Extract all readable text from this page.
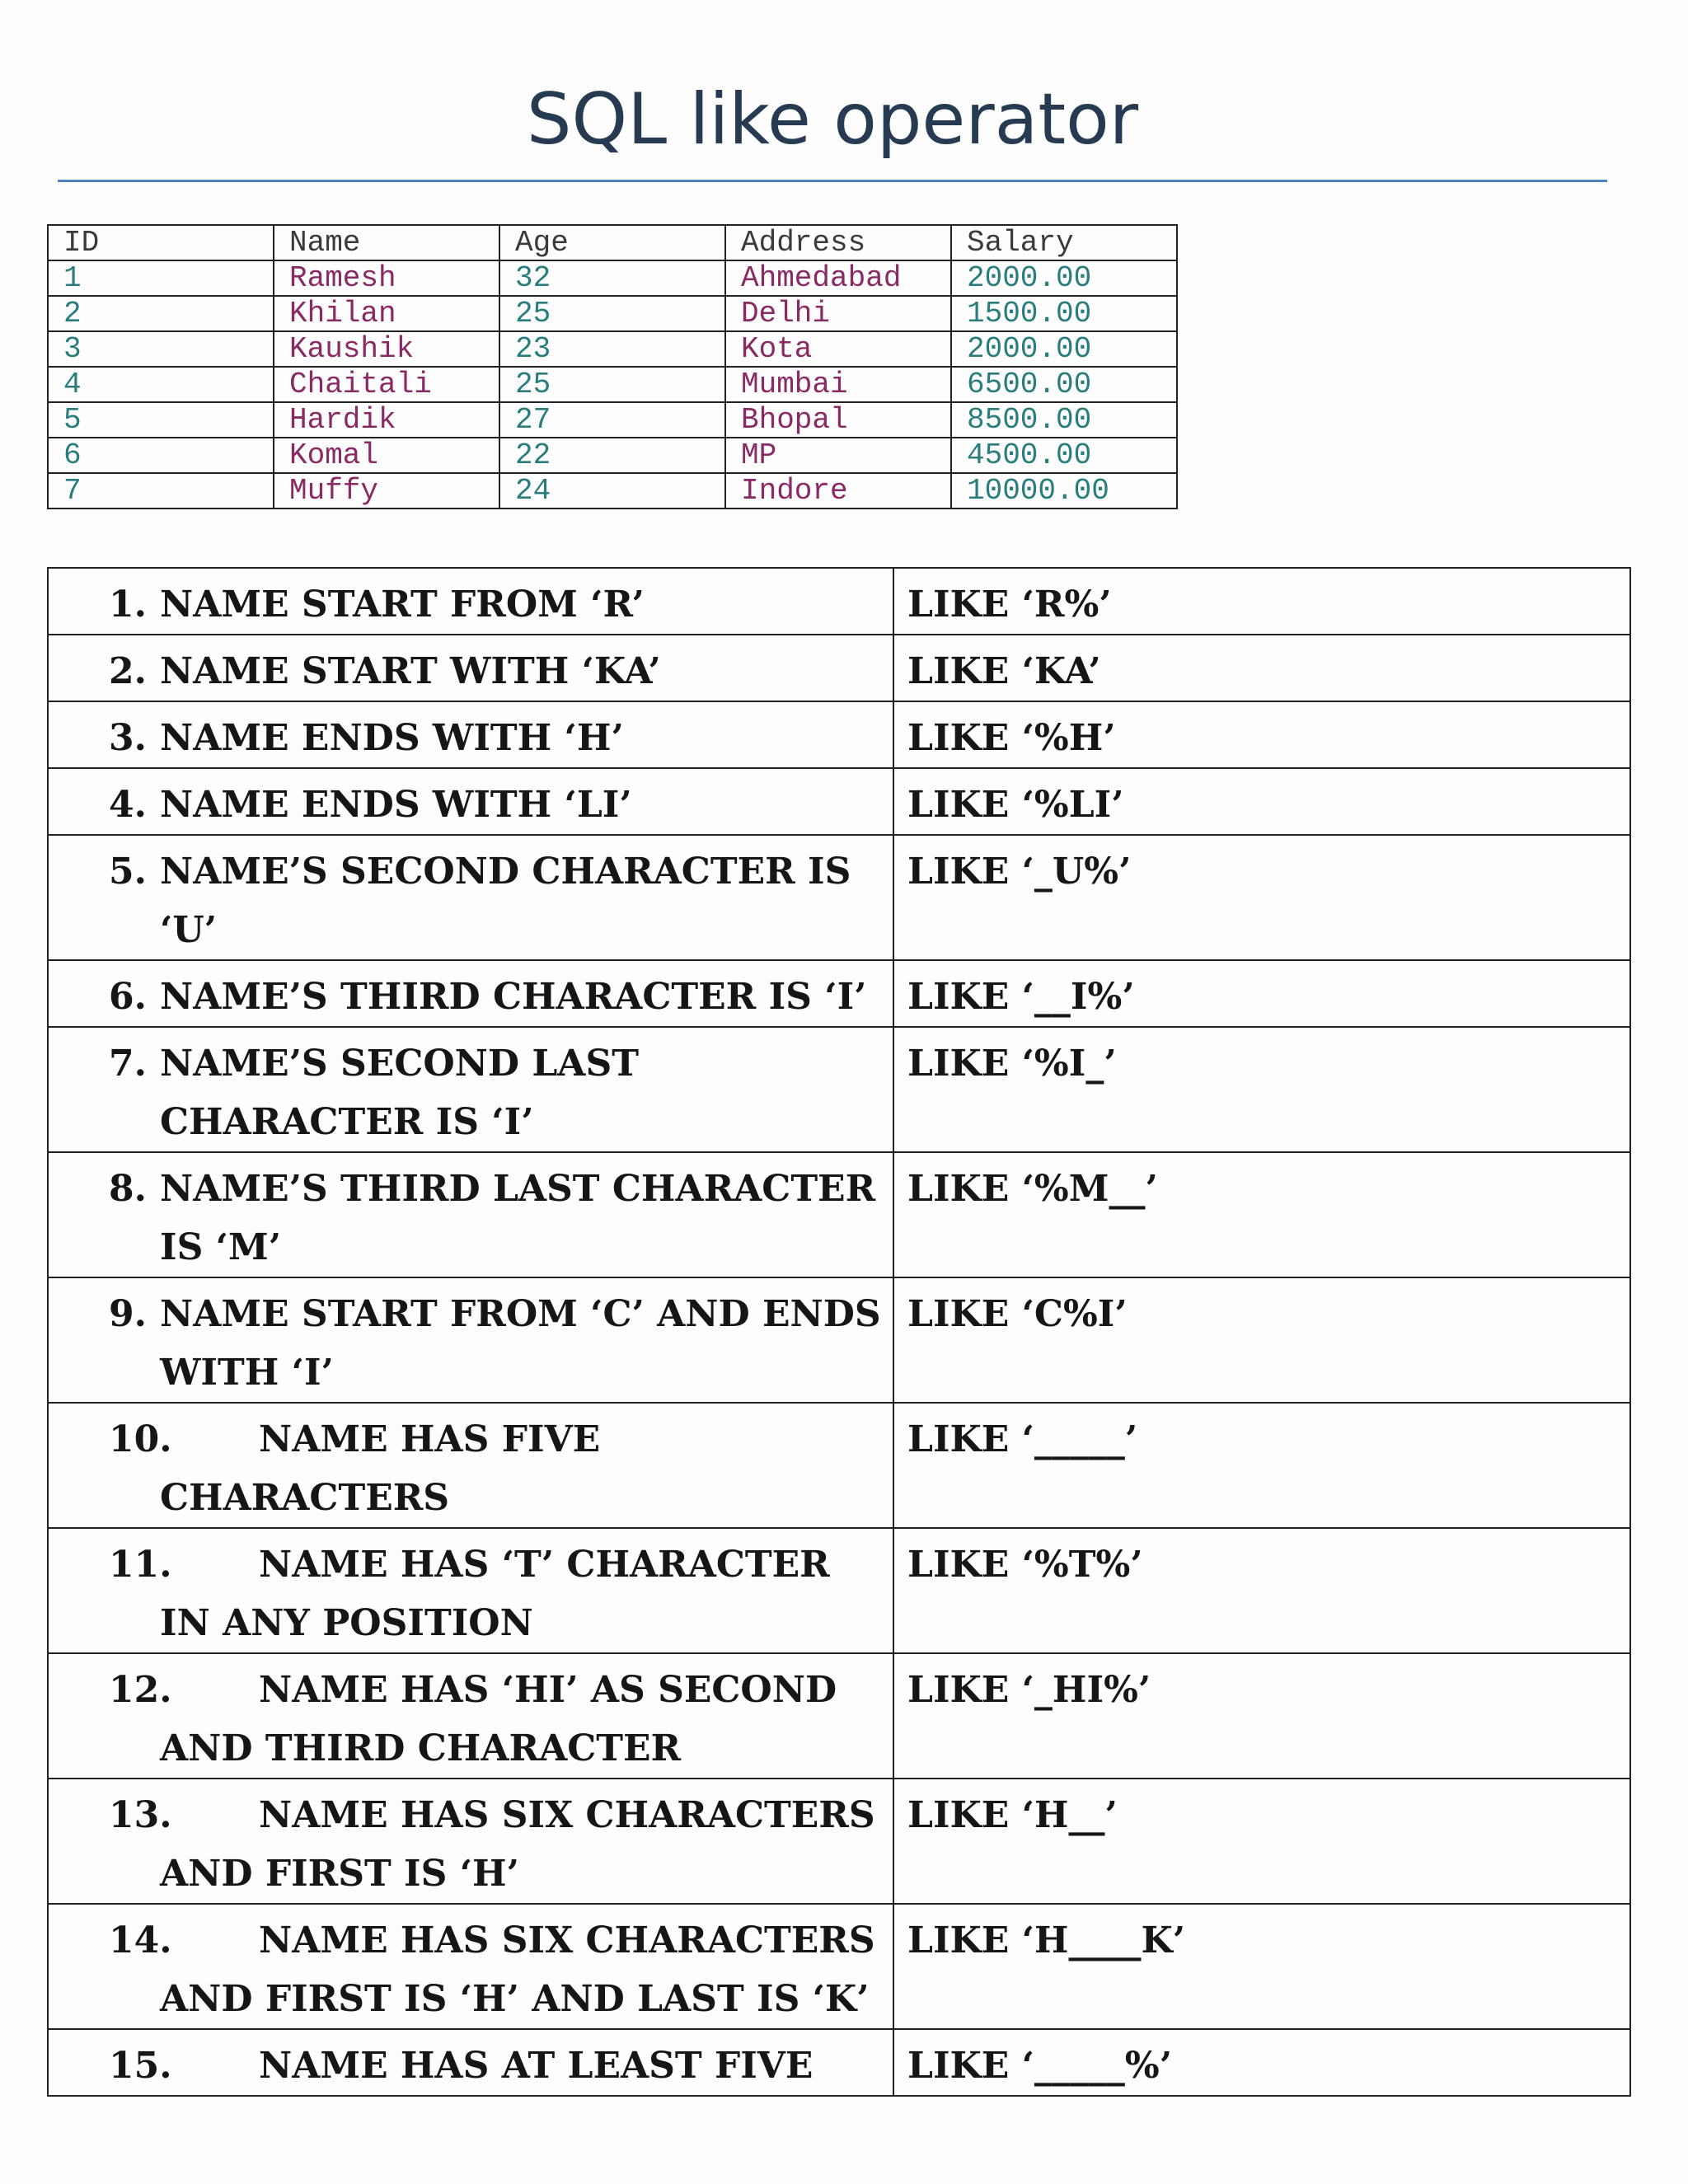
SQL like operator
ID	Name	Age	Address	Salary
1	Ramesh	32	Ahmedabad	2000.00
2	Khilan	25	Delhi	1500.00
3	Kaushik	23	Kota	2000.00
4	Chaitali	25	Mumbai	6500.00
5	Hardik	27	Bhopal	8500.00
6	Komal	22	MP	4500.00
7	Muffy	24	Indore	10000.00
1. NAME START FROM ‘R’	LIKE ‘R%’

2. NAME START WITH ‘KA’	LIKE ‘KA’

3. NAME ENDS WITH ‘H’	LIKE ‘%H’

4. NAME ENDS WITH ‘LI’	LIKE ‘%LI’

5. NAME’S SECOND CHARACTER IS ‘U’	LIKE ‘_U%’

6. NAME’S THIRD CHARACTER IS ‘I’	LIKE ‘__I%’

7. NAME’S SECOND LAST CHARACTER IS ‘I’	LIKE ‘%I_’

8. NAME’S THIRD LAST CHARACTER IS ‘M’	LIKE ‘%M__’

9. NAME START FROM ‘C’ AND ENDS WITH ‘I’	LIKE ‘C%I’

10. NAME HAS FIVE CHARACTERS	LIKE ‘_____’

11. NAME HAS ‘T’ CHARACTER IN ANY POSITION	LIKE ‘%T%’

12. NAME HAS ‘HI’ AS SECOND AND THIRD CHARACTER	LIKE ‘_HI%’

13. NAME HAS SIX CHARACTERS AND FIRST IS ‘H’	LIKE ‘H__’

14. NAME HAS SIX CHARACTERS AND FIRST IS ‘H’ AND LAST IS ‘K’	LIKE ‘H____K’

15. NAME HAS AT LEAST FIVE	LIKE ‘_____%’
